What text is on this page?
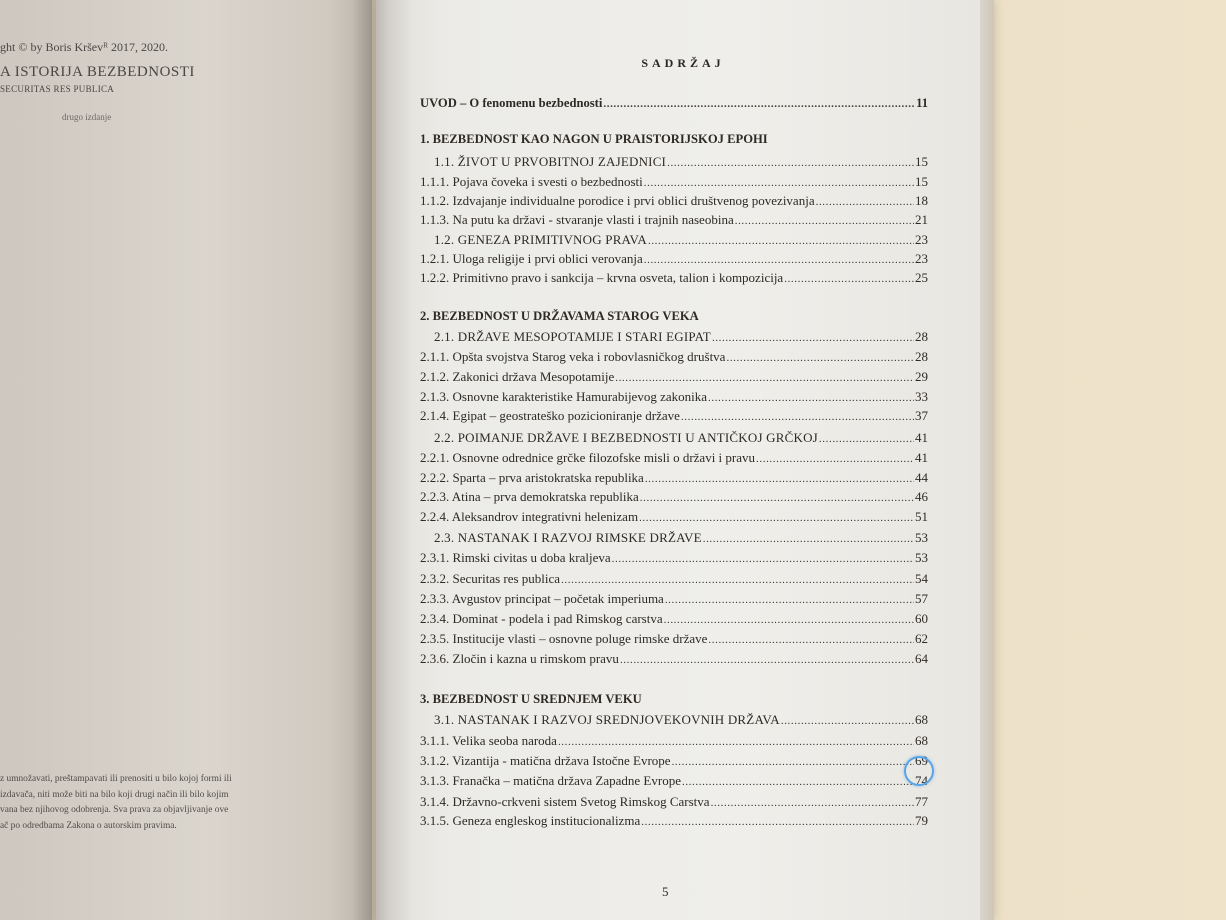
ght © by Boris Krševᴿ 2017, 2020.
A ISTORIJA BEZBEDNOSTI
SECURITAS RES PUBLICA
drugo izdanje
z umnožavati, preštampavati ili prenositi u bilo kojoj formi ili
izdavača, niti može biti na bilo koji drugi način ili bilo kojim
vana bez njihovog odobrenja. Sva prava za objavljivanje ove
ač po odredbama Zakona o autorskim pravima.
SADRŽAJ
UVOD – O fenomenu bezbednosti .....	11
1. BEZBEDNOST KAO NAGON U PRAISTORIJSKOJ EPOHI
1.1. ŽIVOT U PRVOBITNOJ ZAJEDNICI .....	15
1.1.1. Pojava čoveka i svesti o bezbednosti .....	15
1.1.2. Izdvajanje individualne porodice i prvi oblici društvenog povezivanja .....	18
1.1.3. Na putu ka državi - stvaranje vlasti i trajnih naseobina .....	21
1.2. GENEZA PRIMITIVNOG PRAVA .....	23
1.2.1. Uloga religije i prvi oblici verovanja .....	23
1.2.2. Primitivno pravo i sankcija – krvna osveta, talion i kompozicija .....	25
2. BEZBEDNOST U DRŽAVAMA STAROG VEKA
2.1. DRŽAVE MESOPOTAMIJE I STARI EGIPAT .....	28
2.1.1. Opšta svojstva Starog veka i robovlasničkog društva .....	28
2.1.2. Zakonici država Mesopotamije .....	29
2.1.3. Osnovne karakteristike Hamurabijevog zakonika .....	33
2.1.4. Egipat – geostrateško pozicioniranje države .....	37
2.2. POIMANJE DRŽAVE I BEZBEDNOSTI U ANTIČKOJ GRČKOJ .....	41
2.2.1. Osnovne odrednice grčke filozofske misli o državi i pravu .....	41
2.2.2. Sparta – prva aristokratska republika .....	44
2.2.3. Atina – prva demokratska republika .....	46
2.2.4. Aleksandrov integrativni helenizam .....	51
2.3. NASTANAK I RAZVOJ RIMSKE DRŽAVE .....	53
2.3.1. Rimski civitas u doba kraljeva .....	53
2.3.2. Securitas res publica .....	54
2.3.3. Avgustov principat – početak imperiuma .....	57
2.3.4. Dominat - podela i pad Rimskog carstva .....	60
2.3.5. Institucije vlasti – osnovne poluge rimske države .....	62
2.3.6. Zločin i kazna u rimskom pravu .....	64
3. BEZBEDNOST U SREDNJEM VEKU
3.1. NASTANAK I RAZVOJ SREDNJOVEKOVNIH DRŽAVA .....	68
3.1.1. Velika seoba naroda .....	68
3.1.2. Vizantija - matična država Istočne Evrope .....	69
3.1.3. Franačka – matična država Zapadne Evrope .....	74
3.1.4. Državno-crkveni sistem Svetog Rimskog Carstva .....	77
3.1.5. Geneza engleskog institucionalizma .....	79
5
